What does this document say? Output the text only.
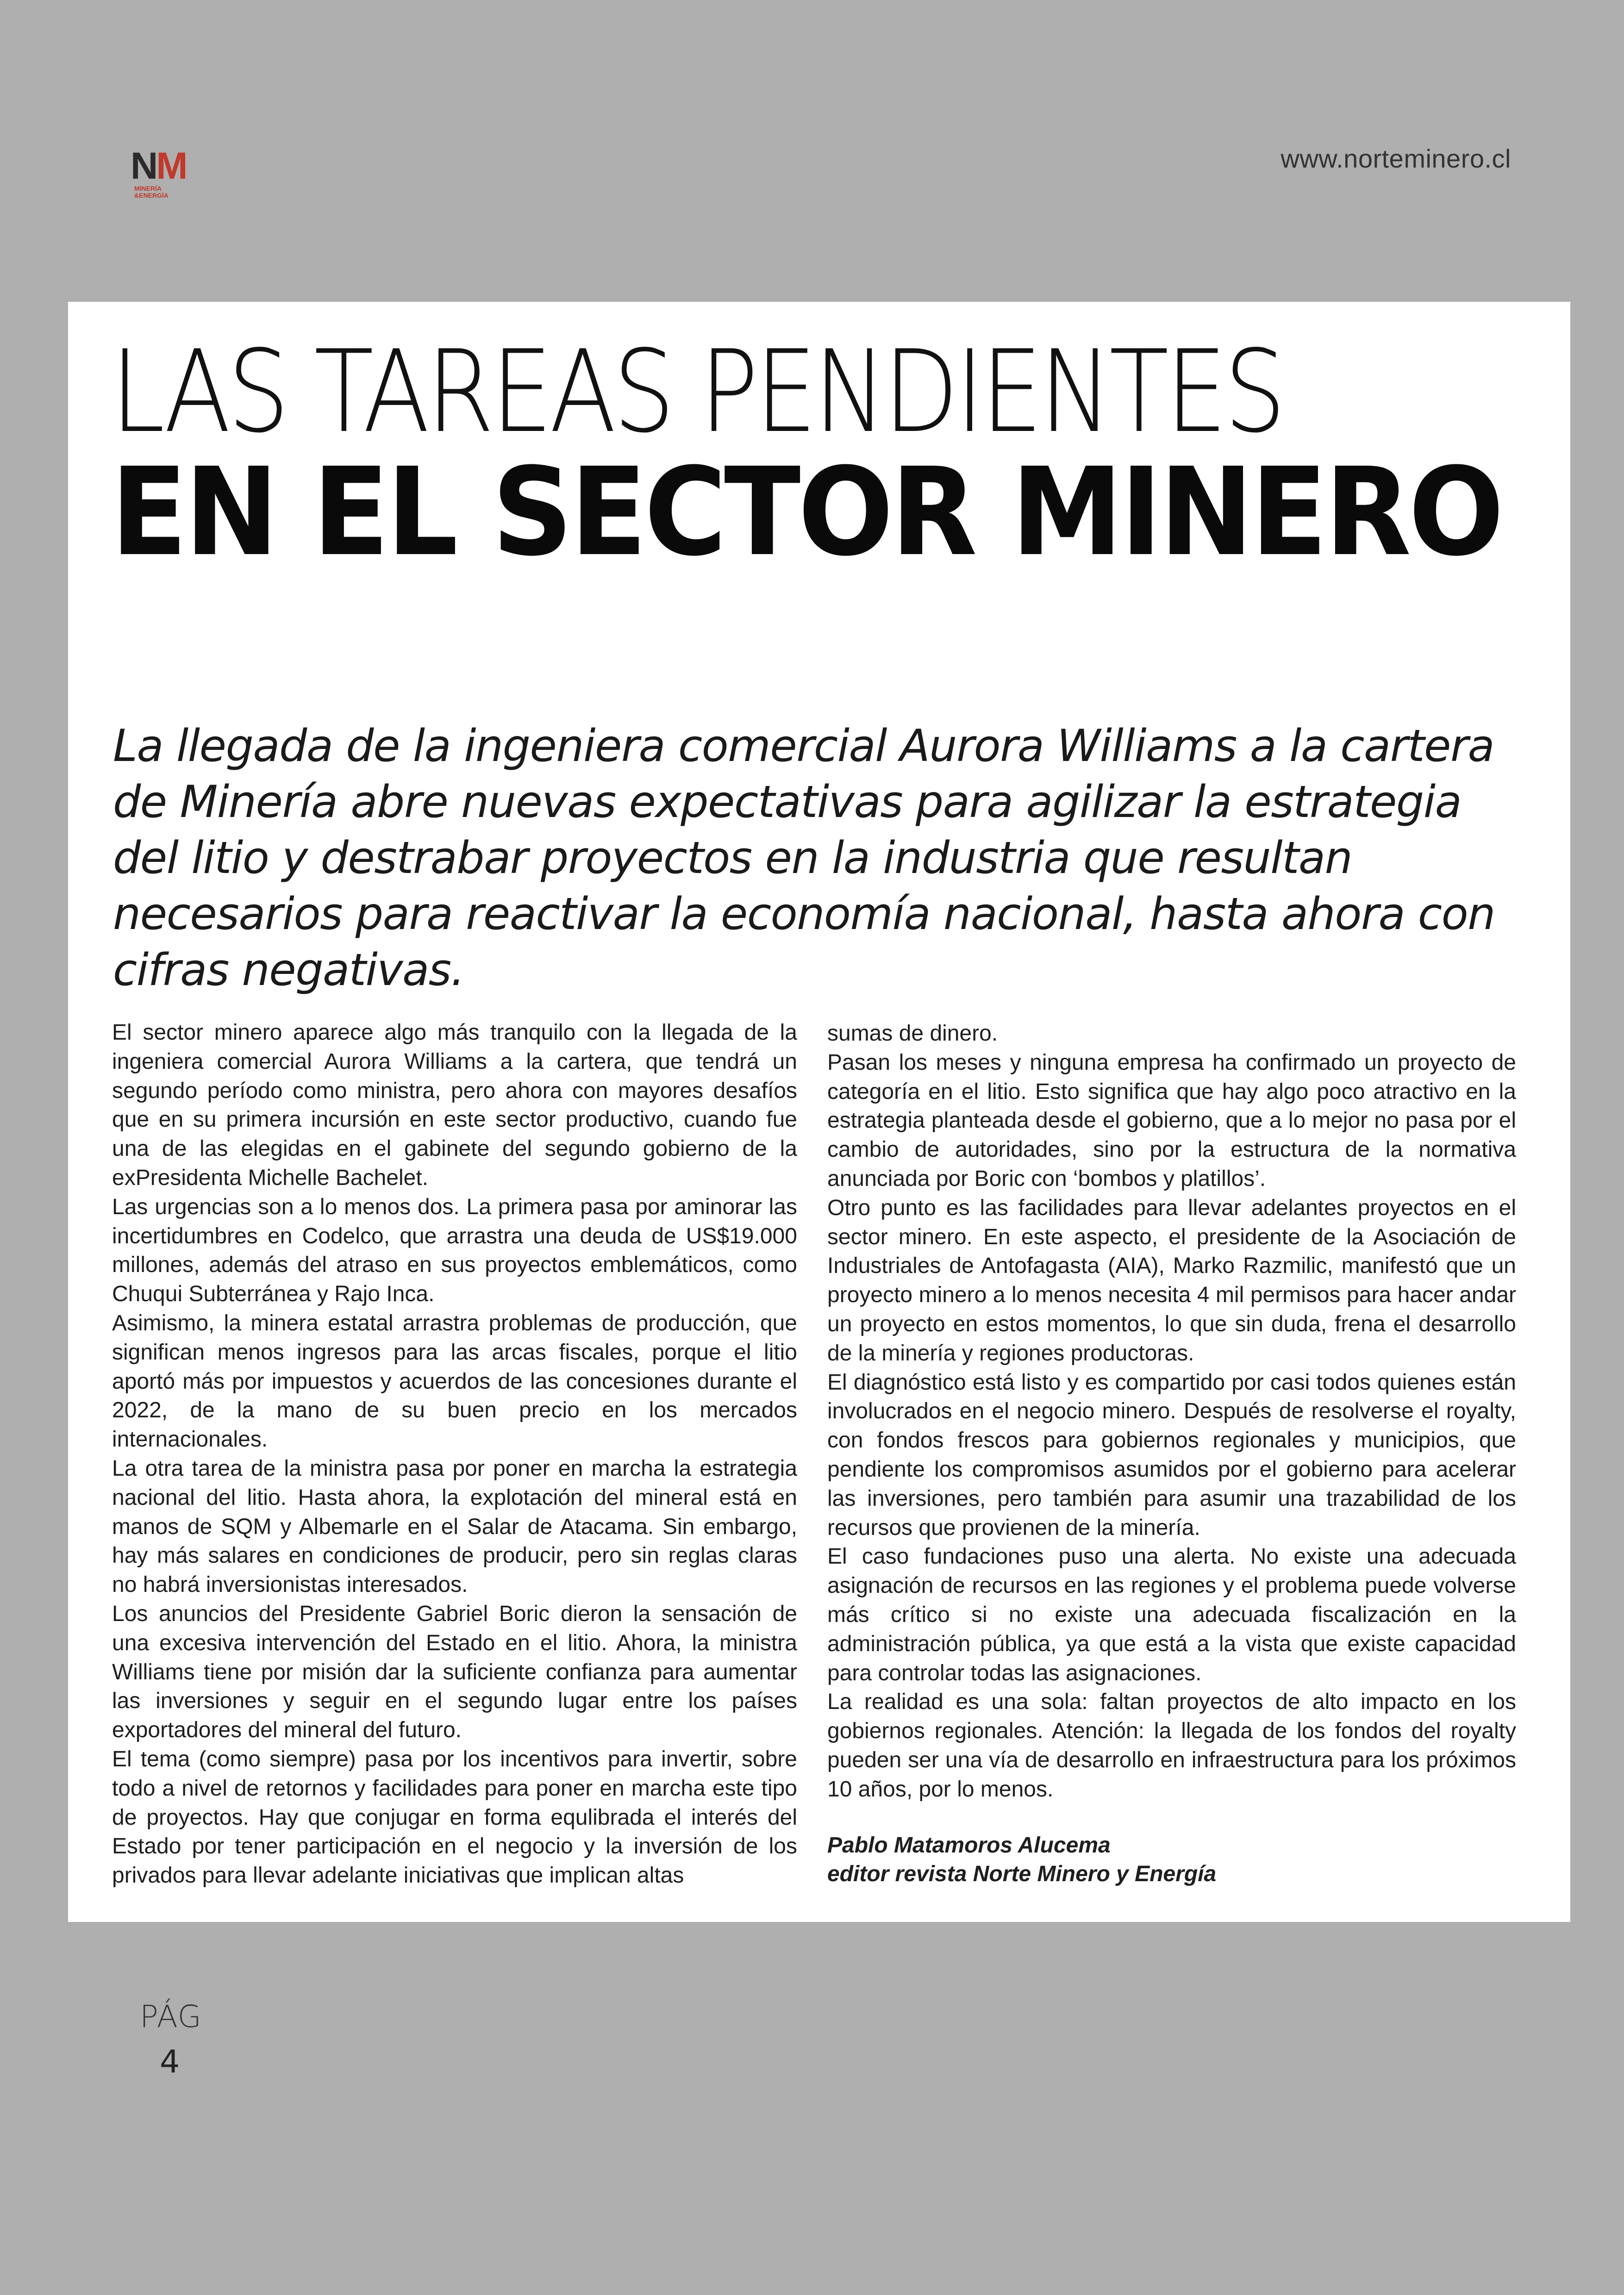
NM
MINERÍA
&ENERGÍA
www.norteminero.cl
LAS TAREAS PENDIENTES
EN EL SECTOR MINERO

La llegada de la ingeniera comercial Aurora Williams a la cartera de Minería abre nuevas expectativas para agilizar la estrategia del litio y destrabar proyectos en la industria que resultan necesarios para reactivar la economía nacional, hasta ahora con cifras negativas.

El sector minero aparece algo más tranquilo con la llegada de la ingeniera comercial Aurora Williams a la cartera, que tendrá un segundo período como ministra, pero ahora con mayores desafíos que en su primera incursión en este sector productivo, cuando fue una de las elegidas en el gabinete del segundo gobierno de la exPresidenta Michelle Bachelet.

Las urgencias son a lo menos dos. La primera pasa por aminorar las incertidumbres en Codelco, que arrastra una deuda de US$19.000 millones, además del atraso en sus proyectos emblemáticos, como Chuqui Subterránea y Rajo Inca.

Asimismo, la minera estatal arrastra problemas de producción, que significan menos ingresos para las arcas fiscales, porque el litio aportó más por impuestos y acuerdos de las concesiones durante el 2022, de la mano de su buen precio en los mercados internacionales.

La otra tarea de la ministra pasa por poner en marcha la estrategia nacional del litio. Hasta ahora, la explotación del mineral está en manos de SQM y Albemarle en el Salar de Atacama. Sin embargo, hay más salares en condiciones de producir, pero sin reglas claras no habrá inversionistas interesados.

Los anuncios del Presidente Gabriel Boric dieron la sensación de una excesiva intervención del Estado en el litio. Ahora, la ministra Williams tiene por misión dar la suficiente confianza para aumentar las inversiones y seguir en el segundo lugar entre los países exportadores del mineral del futuro.

El tema (como siempre) pasa por los incentivos para invertir, sobre todo a nivel de retornos y facilidades para poner en marcha este tipo de proyectos. Hay que conjugar en forma equlibrada el interés del Estado por tener participación en el negocio y la inversión de los privados para llevar adelante iniciativas que implican altas

sumas de dinero.

Pasan los meses y ninguna empresa ha confirmado un proyecto de categoría en el litio. Esto significa que hay algo poco atractivo en la estrategia planteada desde el gobierno, que a lo mejor no pasa por el cambio de autoridades, sino por la estructura de la normativa anunciada por Boric con ‘bombos y platillos’.

Otro punto es las facilidades para llevar adelantes proyectos en el sector minero. En este aspecto, el presidente de la Asociación de Industriales de Antofagasta (AIA), Marko Razmilic, manifestó que un proyecto minero a lo menos necesita 4 mil permisos para hacer andar un proyecto en estos momentos, lo que sin duda, frena el desarrollo de la minería y regiones productoras.

El diagnóstico está listo y es compartido por casi todos quienes están involucrados en el negocio minero. Después de resolverse el royalty, con fondos frescos para gobiernos regionales y municipios, que pendiente los compromisos asumidos por el gobierno para acelerar las inversiones, pero también para asumir una trazabilidad de los recursos que provienen de la minería.

El caso fundaciones puso una alerta. No existe una adecuada asignación de recursos en las regiones y el problema puede volverse más crítico si no existe una adecuada fiscalización en la administración pública, ya que está a la vista que existe capacidad para controlar todas las asignaciones.

La realidad es una sola: faltan proyectos de alto impacto en los gobiernos regionales. Atención: la llegada de los fondos del royalty pueden ser una vía de desarrollo en infraestructura para los próximos 10 años, por lo menos.

Pablo Matamoros Alucema
editor revista Norte Minero y Energía

PÁG
4
